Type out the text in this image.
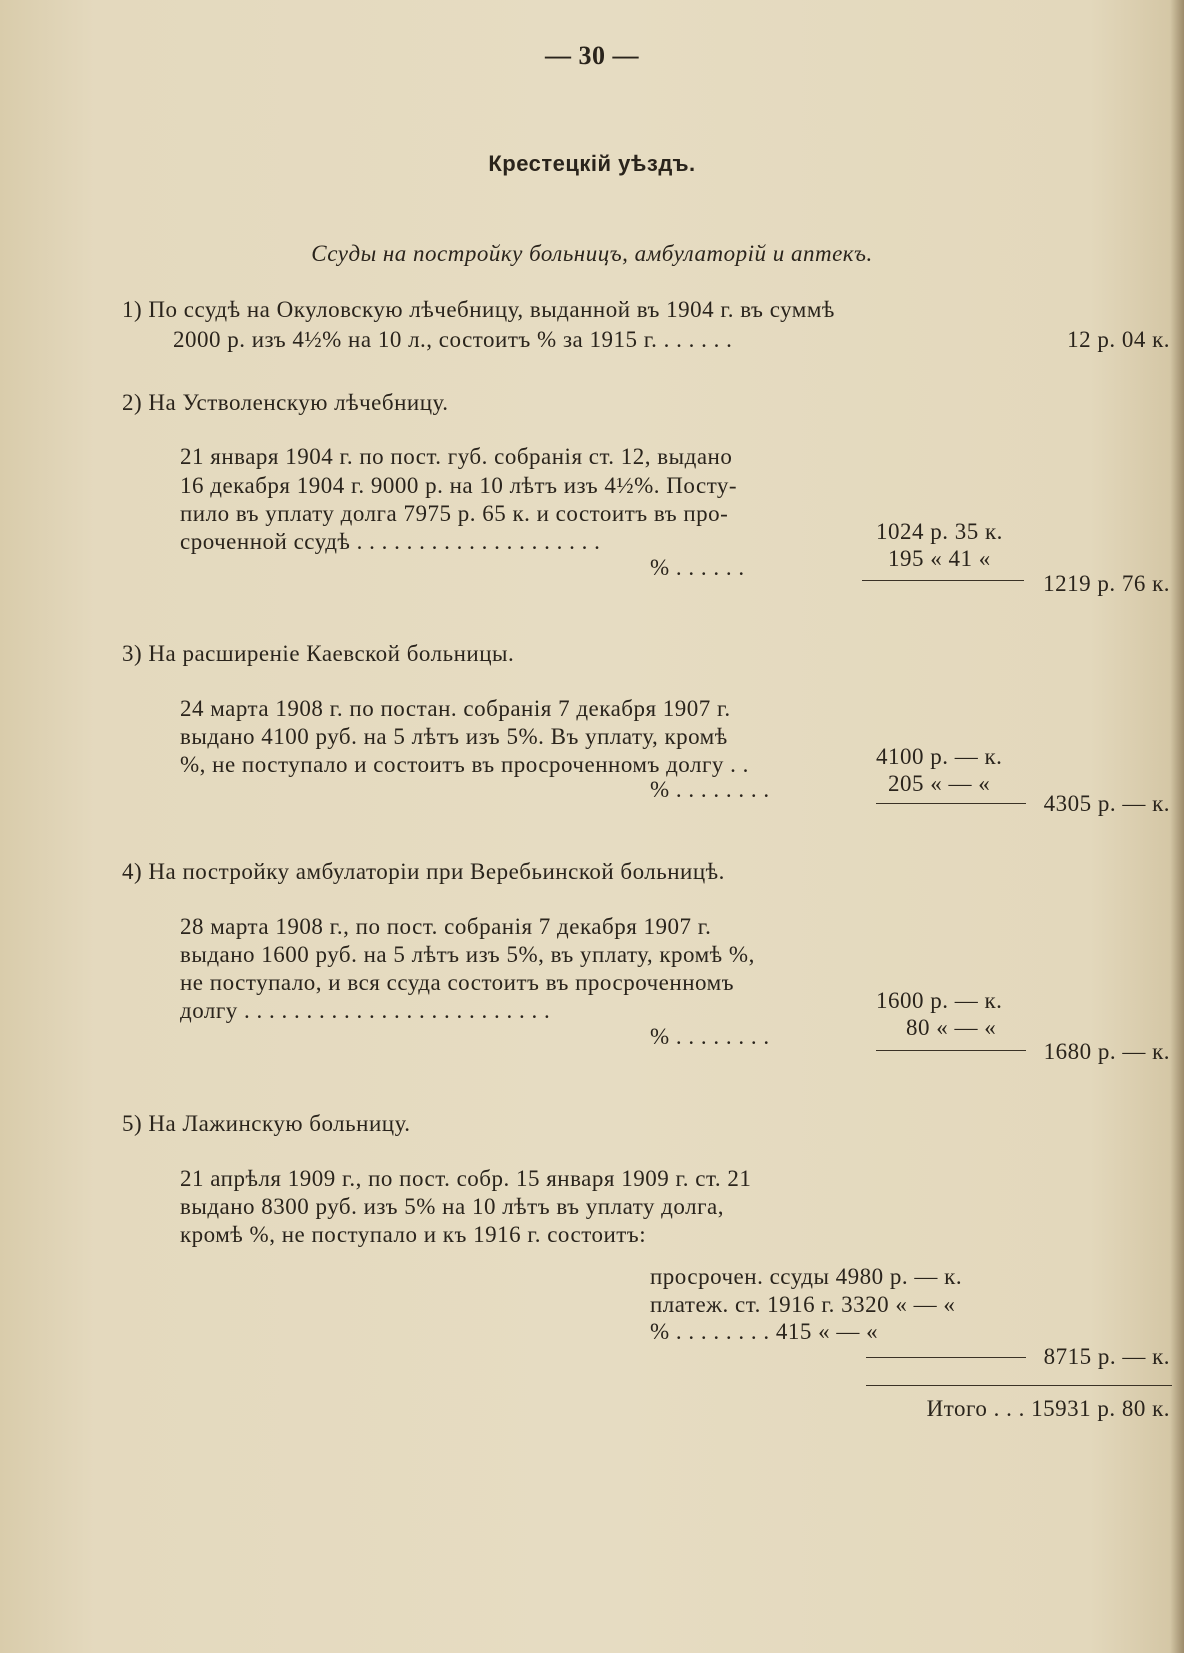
— 30 —
Крестецкій уѣздъ.
Ссуды на постройку больницъ, амбулаторій и аптекъ.
1) По ссудѣ на Окуловскую лѣчебницу, выданной въ 1904 г. въ суммѣ
2000 р. изъ 4½% на 10 л., состоитъ % за 1915 г. . . . . . .	12 р. 04 к.
2) На Устволенскую лѣчебницу.
21 января 1904 г. по пост. губ. собранія ст. 12, выдано
16 декабря 1904 г. 9000 р. на 10 лѣтъ изъ 4½%. Посту-
пило въ уплату долга 7975 р. 65 к. и состоитъ въ про-
сроченной ссудѣ . . . . . . . . . . . . . . . . . . . .
% . . . . . .
1024 р. 35 к.
195 « 41 «
1219 р. 76 к.
3) На расширеніе Каевской больницы.
24 марта 1908 г. по постан. собранія 7 декабря 1907 г.
выдано 4100 руб. на 5 лѣтъ изъ 5%. Въ уплату, кромѣ
%, не поступало и состоитъ въ просроченномъ долгу . .
% . . . . . . . .
4100 р. — к.
205 « — «
4305 р. — к.
4) На постройку амбулаторіи при Веребьинской больницѣ.
28 марта 1908 г., по пост. собранія 7 декабря 1907 г.
выдано 1600 руб. на 5 лѣтъ изъ 5%, въ уплату, кромѣ %,
не поступало, и вся ссуда состоитъ въ просроченномъ
долгу . . . . . . . . . . . . . . . . . . . . . . . . .
% . . . . . . . .
1600 р. — к.
80 « — «
1680 р. — к.
5) На Лажинскую больницу.
21 апрѣля 1909 г., по пост. собр. 15 января 1909 г. ст. 21
выдано 8300 руб. изъ 5% на 10 лѣтъ въ уплату долга,
кромѣ %, не поступало и къ 1916 г. состоитъ:
просрочен. ссуды 4980 р. — к.
платеж. ст. 1916 г. 3320 « — «
% . . . . . . . . 415 « — «
8715 р. — к.
Итого . . . 15931 р. 80 к.
